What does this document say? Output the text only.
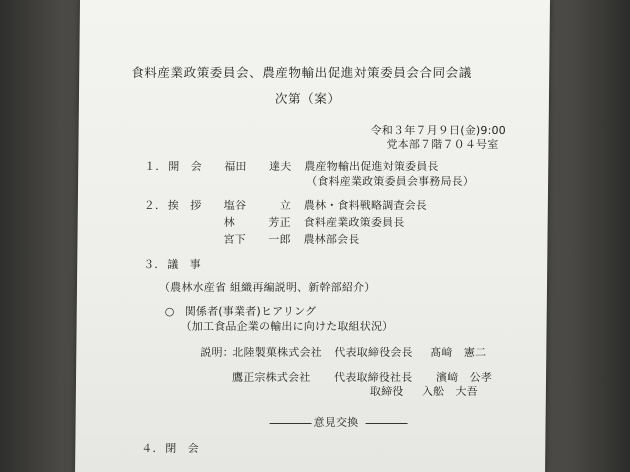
食料産業政策委員会、農産物輸出促進対策委員会合同会議
次第（案）
令和３年７月９日(金)9:00
党本部７階７０４号室
１． 開　会 福田　　達夫 農産物輸出促進対策委員長
（食料産業政策委員会事務局長）
２． 挨　拶 塩谷　　　立 農林・食料戦略調査会長
林　　　芳正 食料産業政策委員長
宮下　　一郎 農林部会長
３． 議　事
（農林水産省 組織再編説明、新幹部紹介）
○ 関係者(事業者)ヒアリング
（加工食品企業の輸出に向けた取組状況）
説明：
北陸製菓株式会社 代表取締役会長 髙﨑　憲二
鷹正宗株式会社 代表取締役社長 濱﨑　公孝
取締役 入舩　大吾
意見交換
４． 閉　会
